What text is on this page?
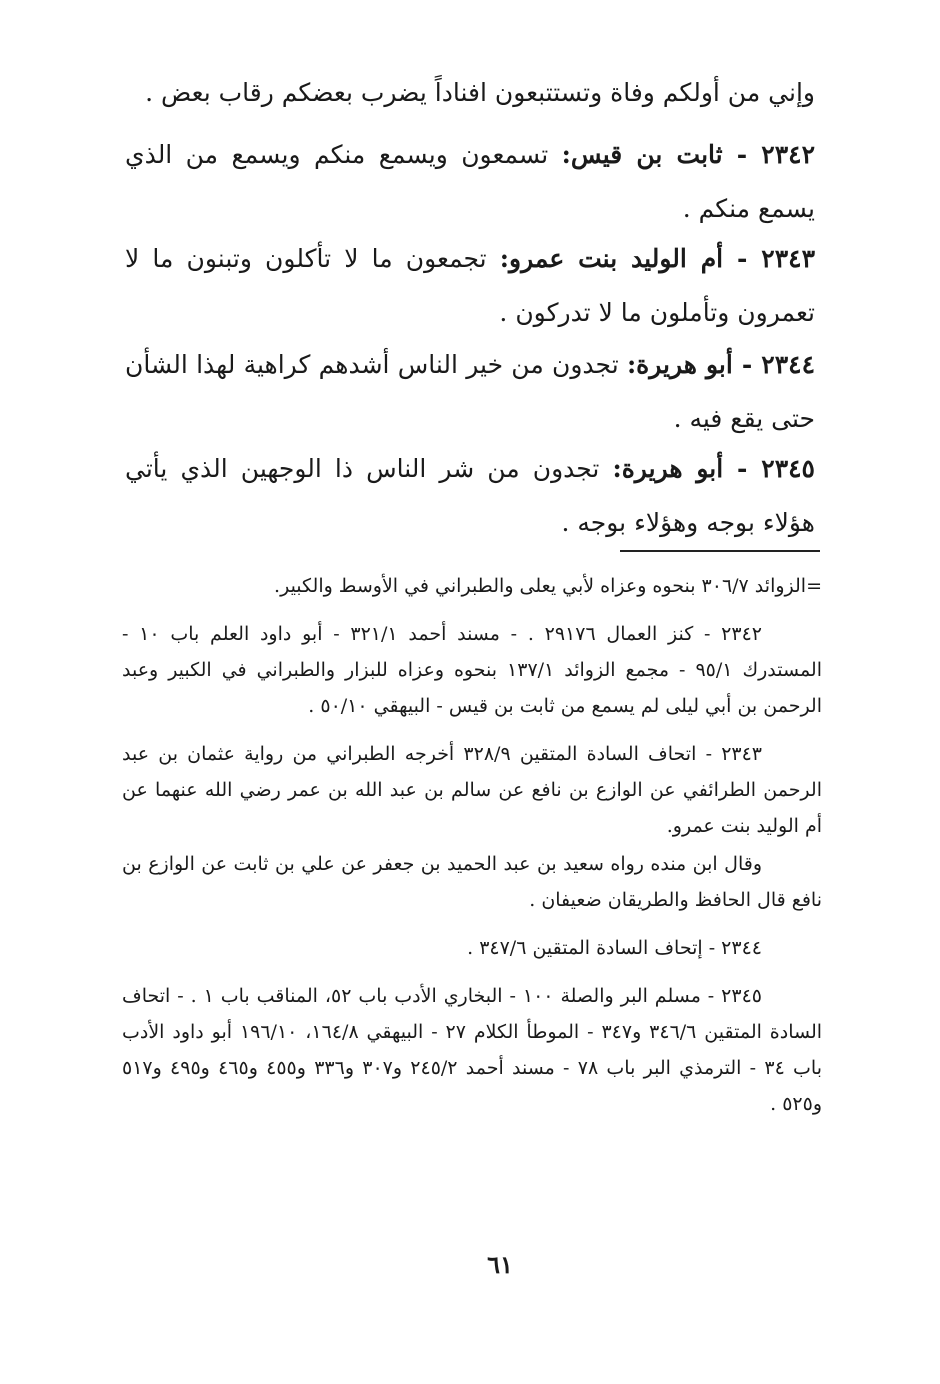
وإني من أولكم وفاة وتستتبعون افناداً يضرب بعضكم رقاب بعض .
٢٣٤٢ - ثابت بن قيس: تسمعون ويسمع منكم ويسمع من الذي يسمع منكم .
٢٣٤٣ - أم الوليد بنت عمرو: تجمعون ما لا تأكلون وتبنون ما لا تعمرون وتأملون ما لا تدركون .
٢٣٤٤ - أبو هريرة: تجدون من خير الناس أشدهم كراهية لهذا الشأن حتى يقع فيه .
٢٣٤٥ - أبو هريرة: تجدون من شر الناس ذا الوجهين الذي يأتي هؤلاء بوجه وهؤلاء بوجه .

=الزوائد ٣٠٦/٧ بنحوه وعزاه لأبي يعلى والطبراني في الأوسط والكبير.

٢٣٤٢ - كنز العمال ٢٩١٧٦ . - مسند أحمد ٣٢١/١ - أبو داود العلم باب ١٠ - المستدرك ٩٥/١ - مجمع الزوائد ١٣٧/١ بنحوه وعزاه للبزار والطبراني في الكبير وعبد الرحمن بن أبي ليلى لم يسمع من ثابت بن قيس - البيهقي ٥٠/١٠ .

٢٣٤٣ - اتحاف السادة المتقين ٣٢٨/٩ أخرجه الطبراني من رواية عثمان بن عبد الرحمن الطرائفي عن الوازع بن نافع عن سالم بن عبد الله بن عمر رضي الله عنهما عن أم الوليد بنت عمرو.

وقال ابن منده رواه سعيد بن عبد الحميد بن جعفر عن علي بن ثابت عن الوازع بن نافع قال الحافظ والطريقان ضعيفان .

٢٣٤٤ - إتحاف السادة المتقين ٣٤٧/٦ .

٢٣٤٥ - مسلم البر والصلة ١٠٠ - البخاري الأدب باب ٥٢، المناقب باب ١ . - اتحاف السادة المتقين ٣٤٦/٦ و٣٤٧ - الموطأ الكلام ٢٧ - البيهقي ١٦٤/٨، ١٩٦/١٠ أبو داود الأدب باب ٣٤ - الترمذي البر باب ٧٨ - مسند أحمد ٢٤٥/٢ و٣٠٧ و٣٣٦ و٤٥٥ و٤٦٥ و٤٩٥ و٥١٧ و٥٢٥ .

٦١
